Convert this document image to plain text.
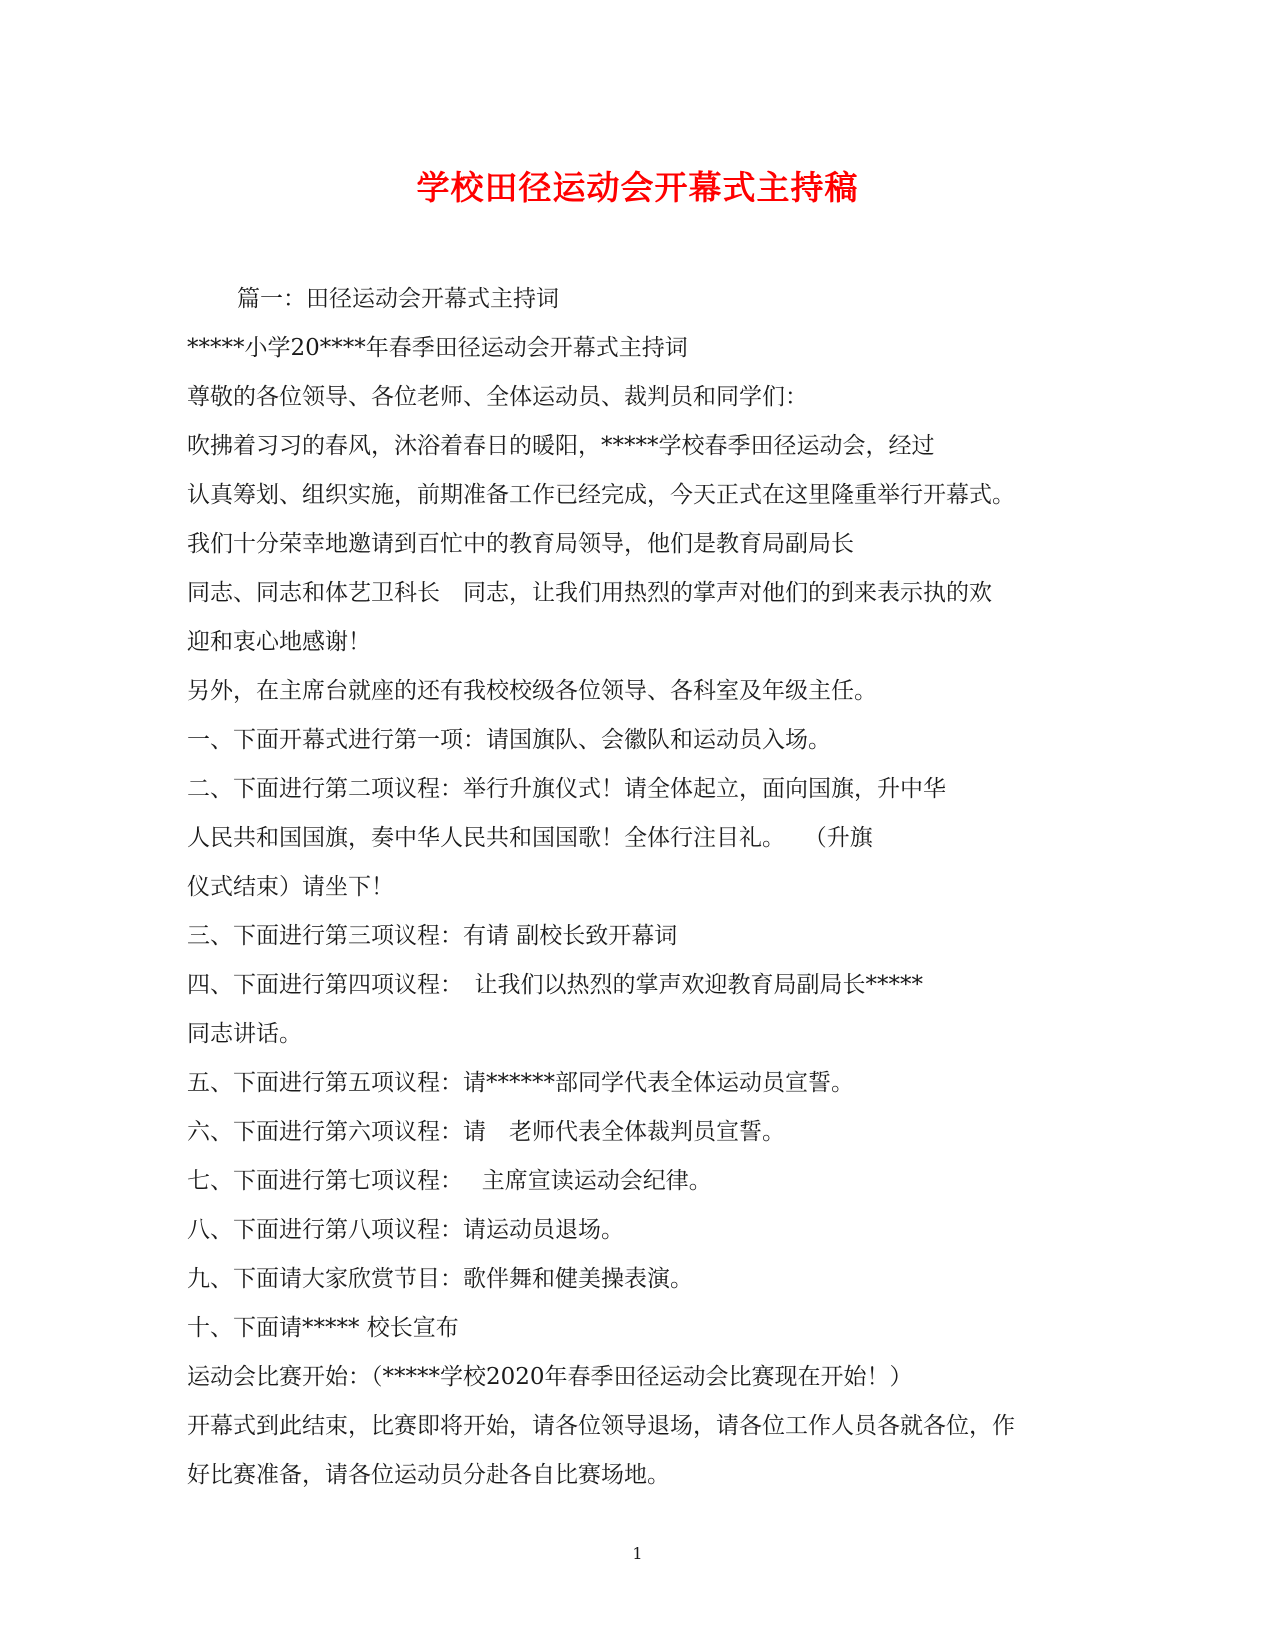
学校田径运动会开幕式主持稿
篇一：田径运动会开幕式主持词
*****小学20****年春季田径运动会开幕式主持词
尊敬的各位领导、各位老师、全体运动员、裁判员和同学们：
吹拂着习习的春风，沐浴着春日的暖阳，*****学校春季田径运动会，经过
认真筹划、组织实施，前期准备工作已经完成，今天正式在这里隆重举行开幕式。
我们十分荣幸地邀请到百忙中的教育局领导，他们是教育局副局长
同志、同志和体艺卫科长　同志，让我们用热烈的掌声对他们的到来表示执的欢
迎和衷心地感谢！
另外，在主席台就座的还有我校校级各位领导、各科室及年级主任。
一、下面开幕式进行第一项：请国旗队、会徽队和运动员入场。
二、下面进行第二项议程：举行升旗仪式！请全体起立，面向国旗，升中华
人民共和国国旗，奏中华人民共和国国歌！全体行注目礼。　 （升旗
仪式结束）请坐下！
三、下面进行第三项议程：有请 副校长致开幕词
四、下面进行第四项议程：　让我们以热烈的掌声欢迎教育局副局长*****
同志讲话。
五、下面进行第五项议程：请******部同学代表全体运动员宣誓。
六、下面进行第六项议程：请　老师代表全体裁判员宣誓。
七、下面进行第七项议程：　 主席宣读运动会纪律。
八、下面进行第八项议程：请运动员退场。
九、下面请大家欣赏节目：歌伴舞和健美操表演。
十、下面请***** 校长宣布
运动会比赛开始：（*****学校2020年春季田径运动会比赛现在开始！）
开幕式到此结束，比赛即将开始，请各位领导退场，请各位工作人员各就各位，作
好比赛准备，请各位运动员分赴各自比赛场地。
1
